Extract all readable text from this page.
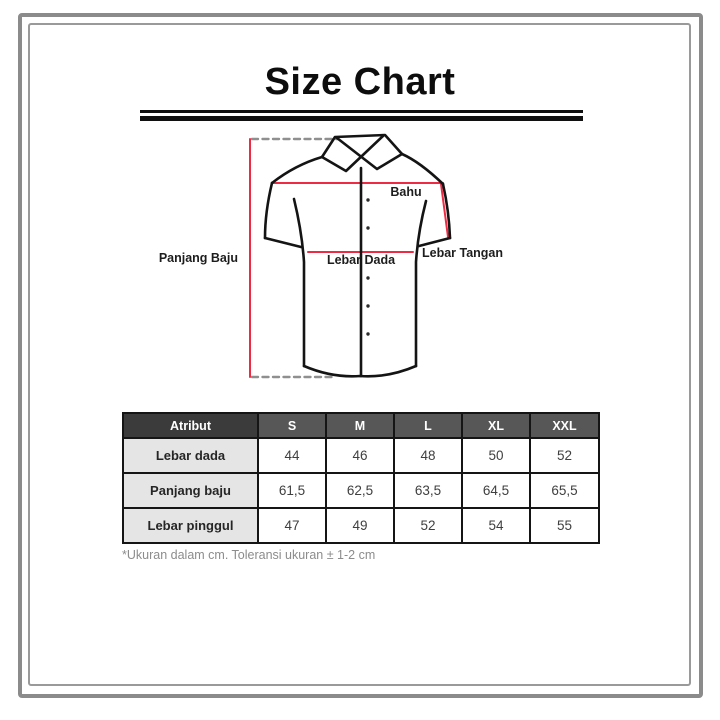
Size Chart
Panjang Baju
Bahu
Lebar Dada	Lebar Tangan
Atribut	S	M	L	XL	XXL
Lebar dada	44	46	48	50	52
Panjang baju	61,5	62,5	63,5	64,5	65,5
Lebar pinggul	47	49	52	54	55

*Ukuran dalam cm. Toleransi ukuran ± 1-2 cm
